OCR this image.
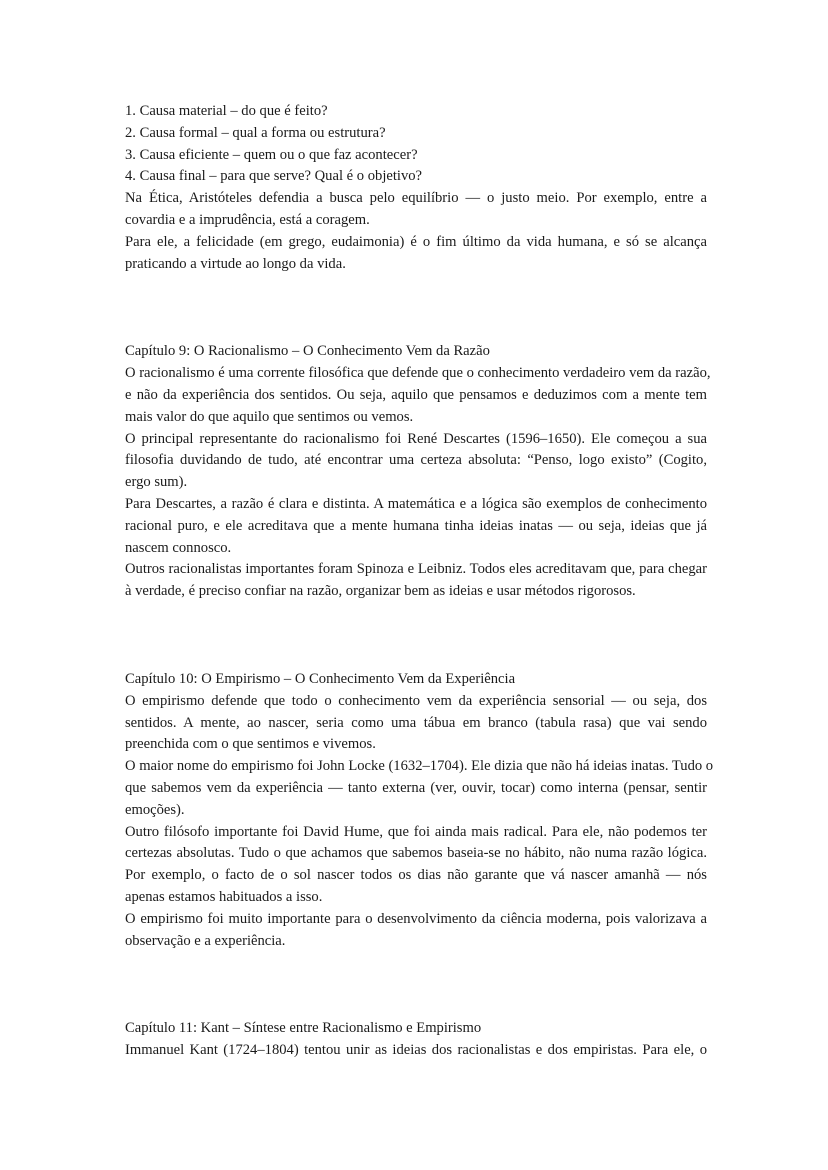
1. Causa material – do que é feito?
2. Causa formal – qual a forma ou estrutura?
3. Causa eficiente – quem ou o que faz acontecer?
4. Causa final – para que serve? Qual é o objetivo?
Na Ética, Aristóteles defendia a busca pelo equilíbrio — o justo meio. Por exemplo, entre a
covardia e a imprudência, está a coragem.
Para ele, a felicidade (em grego, eudaimonia) é o fim último da vida humana, e só se alcança
praticando a virtude ao longo da vida.
Capítulo 9: O Racionalismo – O Conhecimento Vem da Razão
O racionalismo é uma corrente filosófica que defende que o conhecimento verdadeiro vem da razão,
e não da experiência dos sentidos. Ou seja, aquilo que pensamos e deduzimos com a mente tem
mais valor do que aquilo que sentimos ou vemos.
O principal representante do racionalismo foi René Descartes (1596–1650). Ele começou a sua
filosofia duvidando de tudo, até encontrar uma certeza absoluta: “Penso, logo existo” (Cogito,
ergo sum).
Para Descartes, a razão é clara e distinta. A matemática e a lógica são exemplos de conhecimento
racional puro, e ele acreditava que a mente humana tinha ideias inatas — ou seja, ideias que já
nascem connosco.
Outros racionalistas importantes foram Spinoza e Leibniz. Todos eles acreditavam que, para chegar
à verdade, é preciso confiar na razão, organizar bem as ideias e usar métodos rigorosos.
Capítulo 10: O Empirismo – O Conhecimento Vem da Experiência
O empirismo defende que todo o conhecimento vem da experiência sensorial — ou seja, dos
sentidos. A mente, ao nascer, seria como uma tábua em branco (tabula rasa) que vai sendo
preenchida com o que sentimos e vivemos.
O maior nome do empirismo foi John Locke (1632–1704). Ele dizia que não há ideias inatas. Tudo o
que sabemos vem da experiência — tanto externa (ver, ouvir, tocar) como interna (pensar, sentir
emoções).
Outro filósofo importante foi David Hume, que foi ainda mais radical. Para ele, não podemos ter
certezas absolutas. Tudo o que achamos que sabemos baseia-se no hábito, não numa razão lógica.
Por exemplo, o facto de o sol nascer todos os dias não garante que vá nascer amanhã — nós
apenas estamos habituados a isso.
O empirismo foi muito importante para o desenvolvimento da ciência moderna, pois valorizava a
observação e a experiência.
Capítulo 11: Kant – Síntese entre Racionalismo e Empirismo
Immanuel Kant (1724–1804) tentou unir as ideias dos racionalistas e dos empiristas. Para ele, o
